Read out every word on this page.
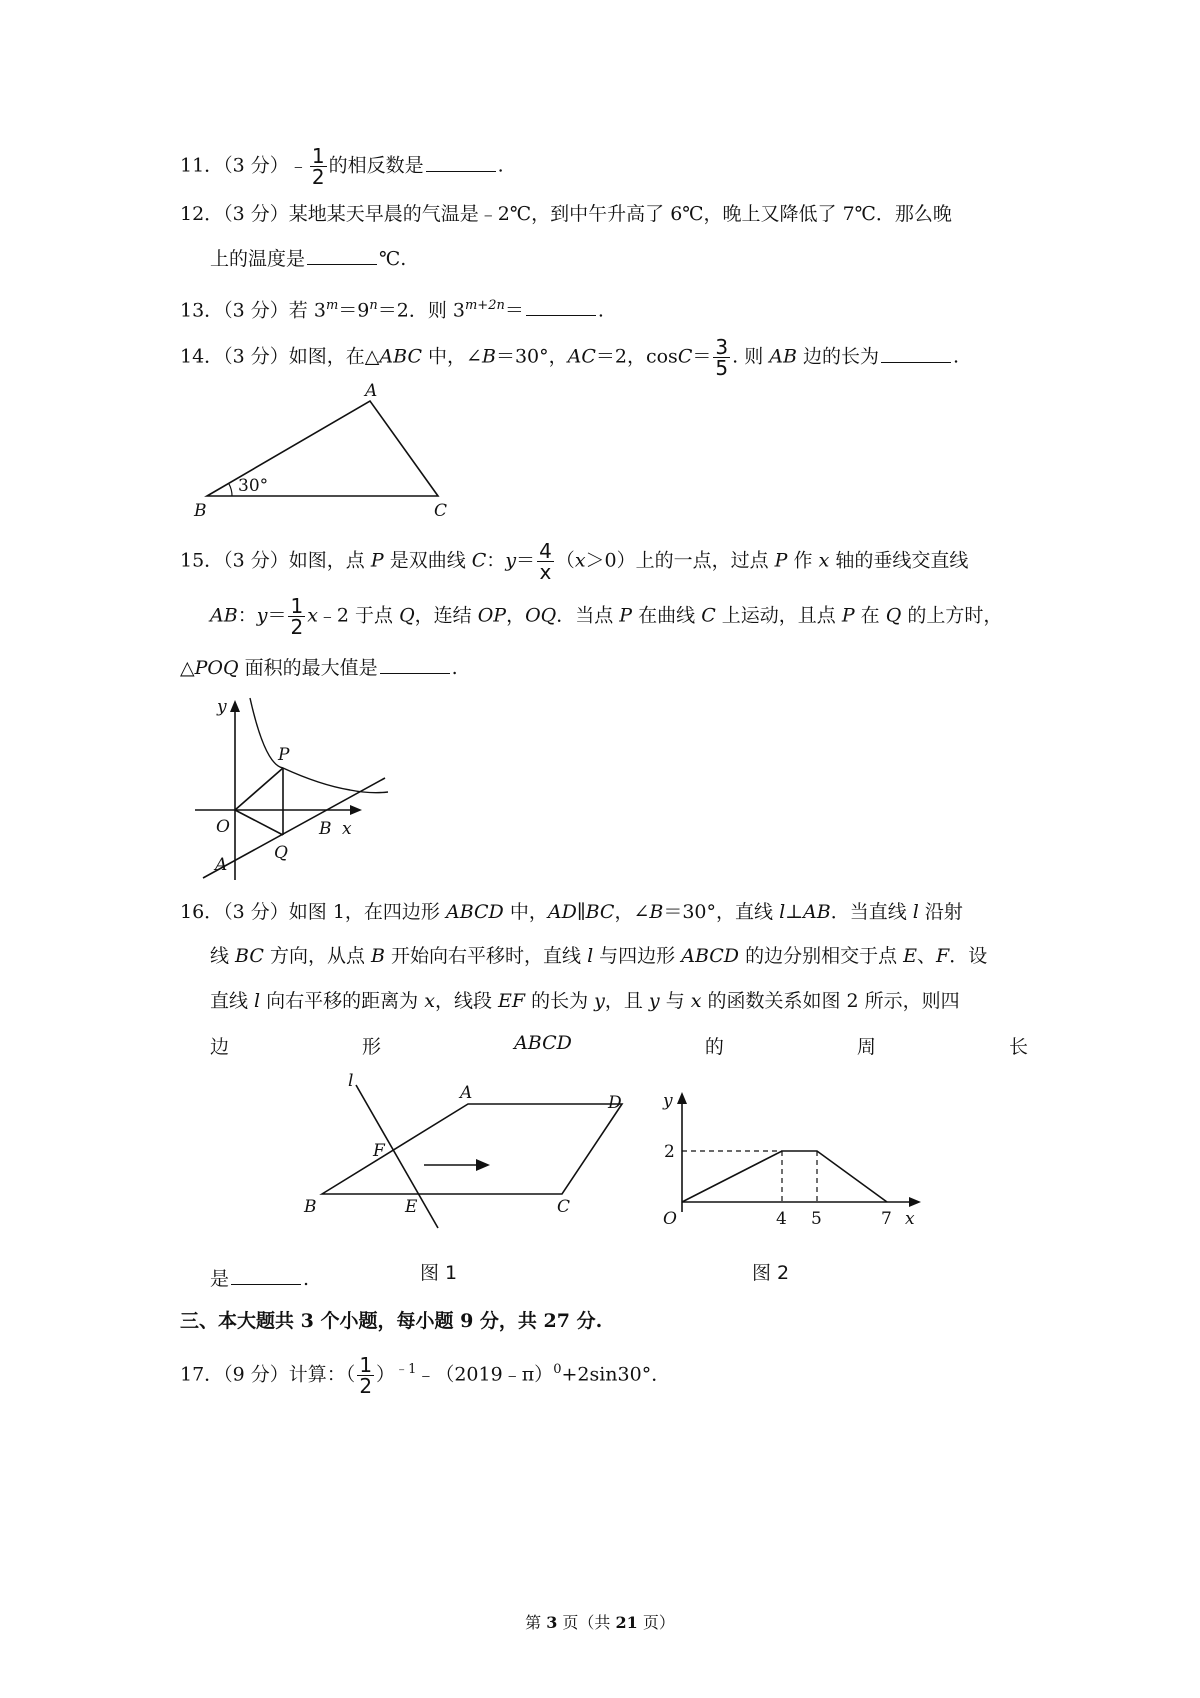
11．（3 分）﹣ $\frac{1}{2}$ 的相反数是	.
12．（3 分）某地某天早晨的气温是﹣2℃，到中午升高了 6℃，晚上又降低了 7℃．那么晚
上的温度是	℃.
13．（3 分）若 $3^m=9^n=2$．则 $3^{m+2n}=$	.
14．（3 分）如图，在△ABC 中，∠B＝30°，AC＝2，$\cos C= \frac{3}{5}$ . 则 AB 边的长为	.
A
B	C
30°
15．（3 分）如图，点 P 是双曲线 C：$y= \frac{4}{x} (x>0)$上的一点，过点 P 作 x 轴的垂线交直线
AB：$y= \frac{1}{2}$ x﹣2 于点 Q，连结 OP，OQ．当点 P 在曲线 C 上运动，且点 P 在 Q 的上方时，
△POQ 面积的最大值是	.
y
x
O
P
Q
A
B
16．（3 分）如图 1，在四边形 ABCD 中，AD∥BC，∠B＝30°，直线 l⊥AB．当直线 l 沿射
线 BC 方向，从点 B 开始向右平移时，直线 l 与四边形 ABCD 的边分别相交于点 E、F．设
直线 l 向右平移的距离为 x，线段 EF 的长为 y，且 y 与 x 的函数关系如图 2 所示，则四
边	形	ABCD	的	周	长
l
A	D
F
B	E	C
y
x
O
2
4 5	7
图 1	图 2
是	.
三、本大题共 3 个小题，每小题 9 分，共 27 分.
17．（9 分）计算：（ $\frac{1}{2}$ ）$^{﹣1}$﹣（2019﹣π）$^0$+2sin30°．
第 3 页（共 21 页）
